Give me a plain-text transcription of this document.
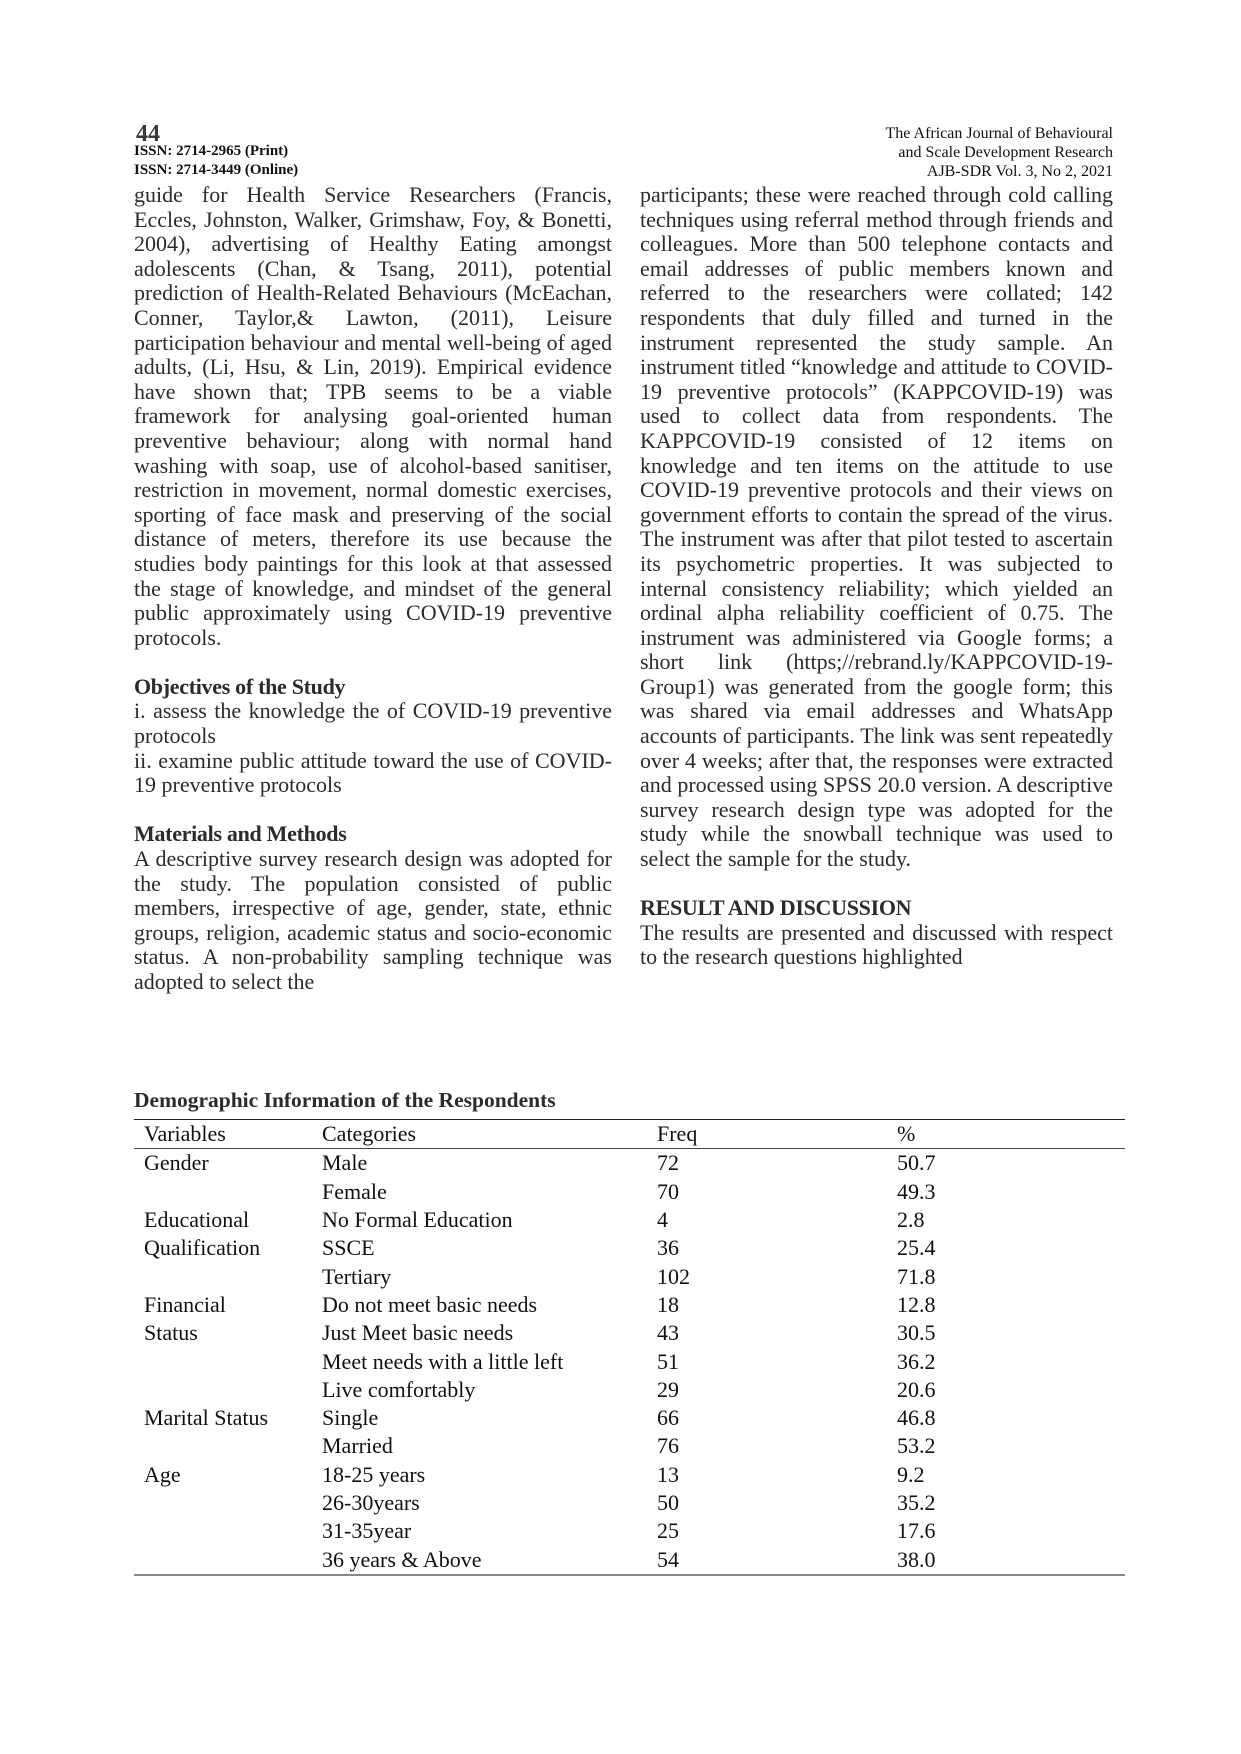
44
ISSN: 2714-2965 (Print)
ISSN: 2714-3449 (Online)
The African Journal of Behavioural
and Scale Development Research
AJB-SDR Vol. 3, No 2, 2021

guide for Health Service Researchers (Francis, Eccles, Johnston, Walker, Grimshaw, Foy, & Bonetti, 2004), advertising of Healthy Eating amongst adolescents (Chan, & Tsang, 2011), potential prediction of Health-Related Behaviours (McEachan, Conner, Taylor,& Lawton, (2011), Leisure participation behaviour and mental well-being of aged adults, (Li, Hsu, & Lin, 2019). Empirical evidence have shown that; TPB seems to be a viable framework for analysing goal-oriented human preventive behaviour; along with normal hand washing with soap, use of alcohol-based sanitiser, restriction in movement, normal domestic exercises, sporting of face mask and preserving of the social distance of meters, therefore its use because the studies body paintings for this look at that assessed the stage of knowledge, and mindset of the general public approximately using COVID-19 preventive protocols.

Objectives of the Study

i. assess the knowledge the of COVID-19 preventive protocols

ii. examine public attitude toward the use of COVID-19 preventive protocols

Materials and Methods

A descriptive survey research design was adopted for the study. The population consisted of public members, irrespective of age, gender, state, ethnic groups, religion, academic status and socio-economic status. A non-probability sampling technique was adopted to select the

participants; these were reached through cold calling techniques using referral method through friends and colleagues. More than 500 telephone contacts and email addresses of public members known and referred to the researchers were collated; 142 respondents that duly filled and turned in the instrument represented the study sample. An instrument titled “knowledge and attitude to COVID-19 preventive protocols” (KAPPCOVID-19) was used to collect data from respondents. The KAPPCOVID-19 consisted of 12 items on knowledge and ten items on the attitude to use COVID-19 preventive protocols and their views on government efforts to contain the spread of the virus. The instrument was after that pilot tested to ascertain its psychometric properties. It was subjected to internal consistency reliability; which yielded an ordinal alpha reliability coefficient of 0.75. The instrument was administered via Google forms; a short link (https;//rebrand.ly/KAPPCOVID-19-Group1) was generated from the google form; this was shared via email addresses and WhatsApp accounts of participants. The link was sent repeatedly over 4 weeks; after that, the responses were extracted and processed using SPSS 20.0 version. A descriptive survey research design type was adopted for the study while the snowball technique was used to select the sample for the study.

RESULT AND DISCUSSION

The results are presented and discussed with respect to the research questions highlighted

Demographic Information of the Respondents
Variables	Categories	Freq	%
Gender	Male	72	50.7
	Female	70	49.3
Educational	No Formal Education	4	2.8
Qualification	SSCE	36	25.4
	Tertiary	102	71.8
Financial	Do not meet basic needs	18	12.8
Status	Just Meet basic needs	43	30.5
	Meet needs with a little left	51	36.2
	Live comfortably	29	20.6
Marital Status	Single	66	46.8
	Married	76	53.2
Age	18-25 years	13	9.2
	26-30years	50	35.2
	31-35year	25	17.6
	36 years & Above	54	38.0
